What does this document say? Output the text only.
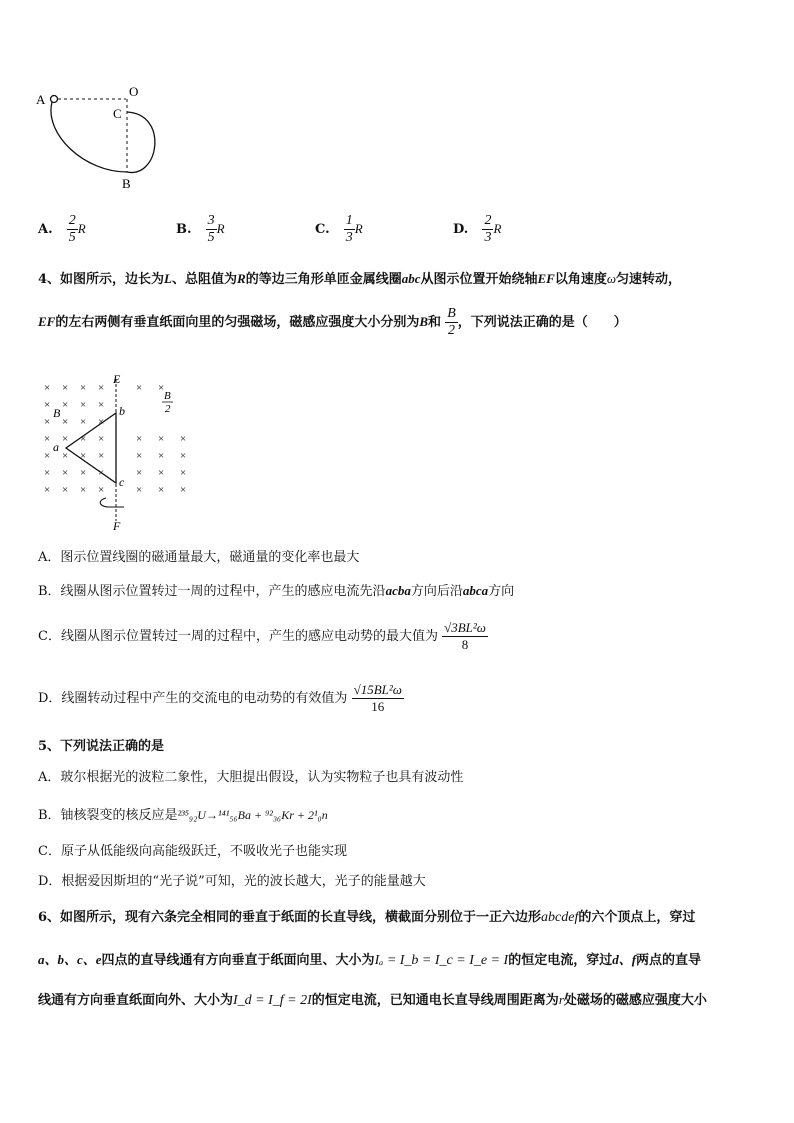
A
O
C
B
A. $\frac{2}{5}$ R	B. $\frac{3}{5}$ R	C. $\frac{1}{3}$ R	D. $\frac{2}{3}$ R
4、如图所示，边长为L、总阻值为R的等边三角形单匝金属线圈abc从图示位置开始绕轴EF以角速度ω匀速转动，
EF的左右两侧有垂直纸面向里的匀强磁场，磁感应强度大小分别为B和 $\frac{B}{2}$ ，下列说法正确的是（　　）
× × × ×	× ×
× × × ×
× × × ×
× × × ×	× × ×
× × × ×	× × ×
× × × ×	× × ×
× × × ×	× × ×
E
F
a
b
c
B
B
2
A．图示位置线圈的磁通量最大，磁通量的变化率也最大
B．线圈从图示位置转过一周的过程中，产生的感应电流先沿acba方向后沿abca方向
C．线圈从图示位置转过一周的过程中，产生的感应电动势的最大值为 $\frac{\text{√3BL²ω}}{8}$
D．线圈转动过程中产生的交流电的电动势的有效值为 $\frac{\text{√15BL²ω}}{16}$
5、下列说法正确的是
A．玻尔根据光的波粒二象性，大胆提出假设，认为实物粒子也具有波动性
B．铀核裂变的核反应是²³⁵₉₂U→¹⁴¹₅₆Ba + ⁹²₃₆Kr + 2¹₀n
C．原子从低能级向高能级跃迁，不吸收光子也能实现
D．根据爱因斯坦的“光子说”可知，光的波长越大，光子的能量越大
6、如图所示，现有六条完全相同的垂直于纸面的长直导线，横截面分别位于一正六边形abcdef的六个顶点上，穿过
a、b、c、e四点的直导线通有方向垂直于纸面向里、大小为Iₐ = I_b = I_c = I_e = I的恒定电流，穿过d、f两点的直导
线通有方向垂直纸面向外、大小为I_d = I_f = 2I的恒定电流，已知通电长直导线周围距离为r处磁场的磁感应强度大小
